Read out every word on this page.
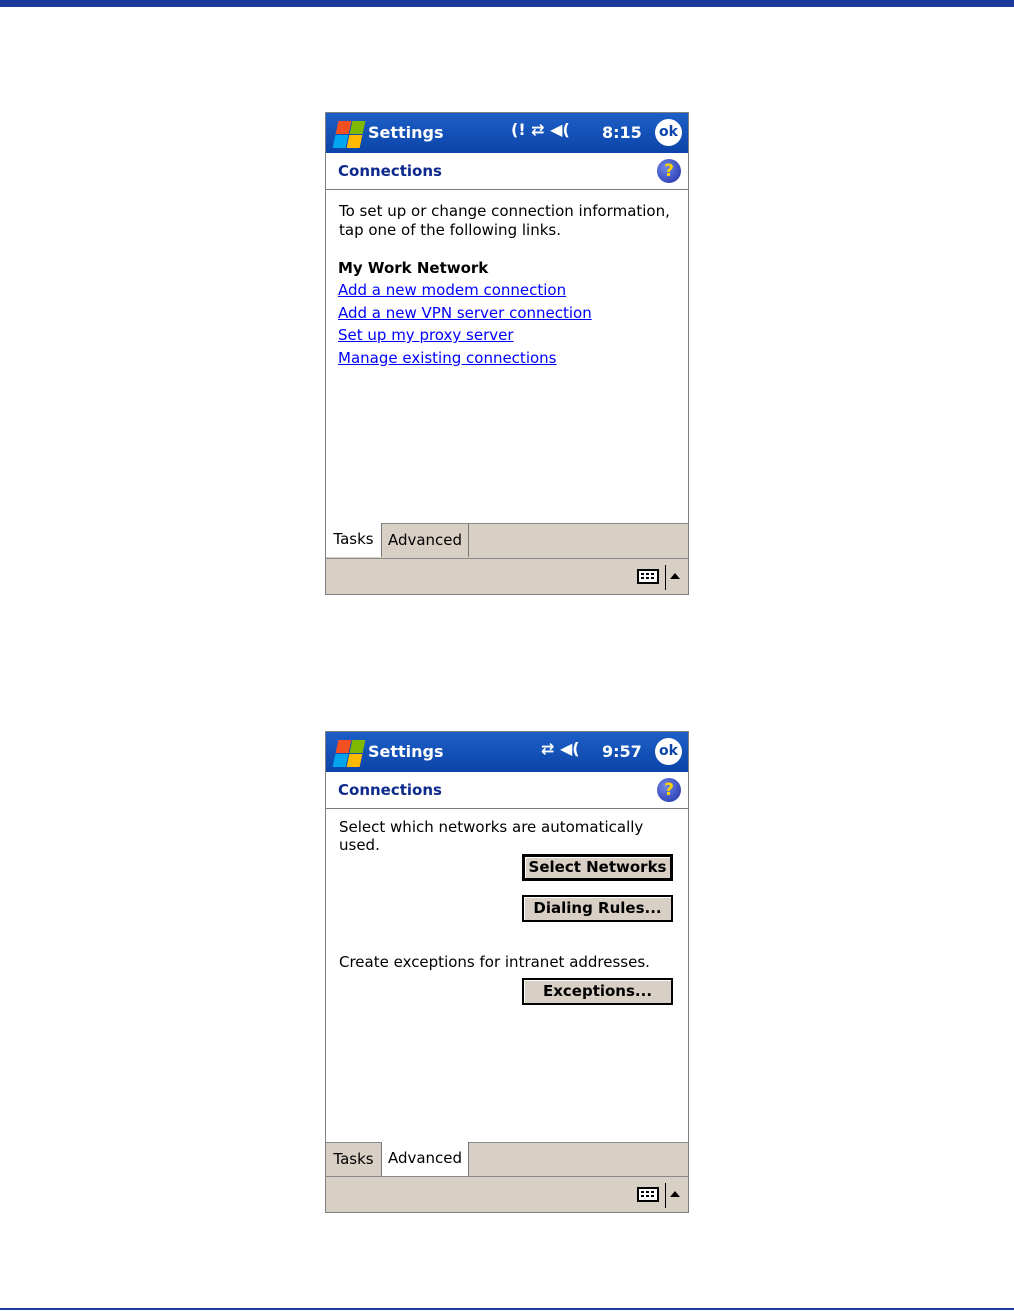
Settings	(! ⇄ ◀( 8:15 ok
Connections	?
To set up or change connection information, tap one of the following links.
My Work Network
Add a new modem connection
Add a new VPN server connection
Set up my proxy server
Manage existing connections
Tasks Advanced
Settings	⇄ ◀( 9:57 ok
Connections	?
Select which networks are automatically used.
Select Networks
Dialing Rules...
Create exceptions for intranet addresses.
Exceptions...
Tasks Advanced
